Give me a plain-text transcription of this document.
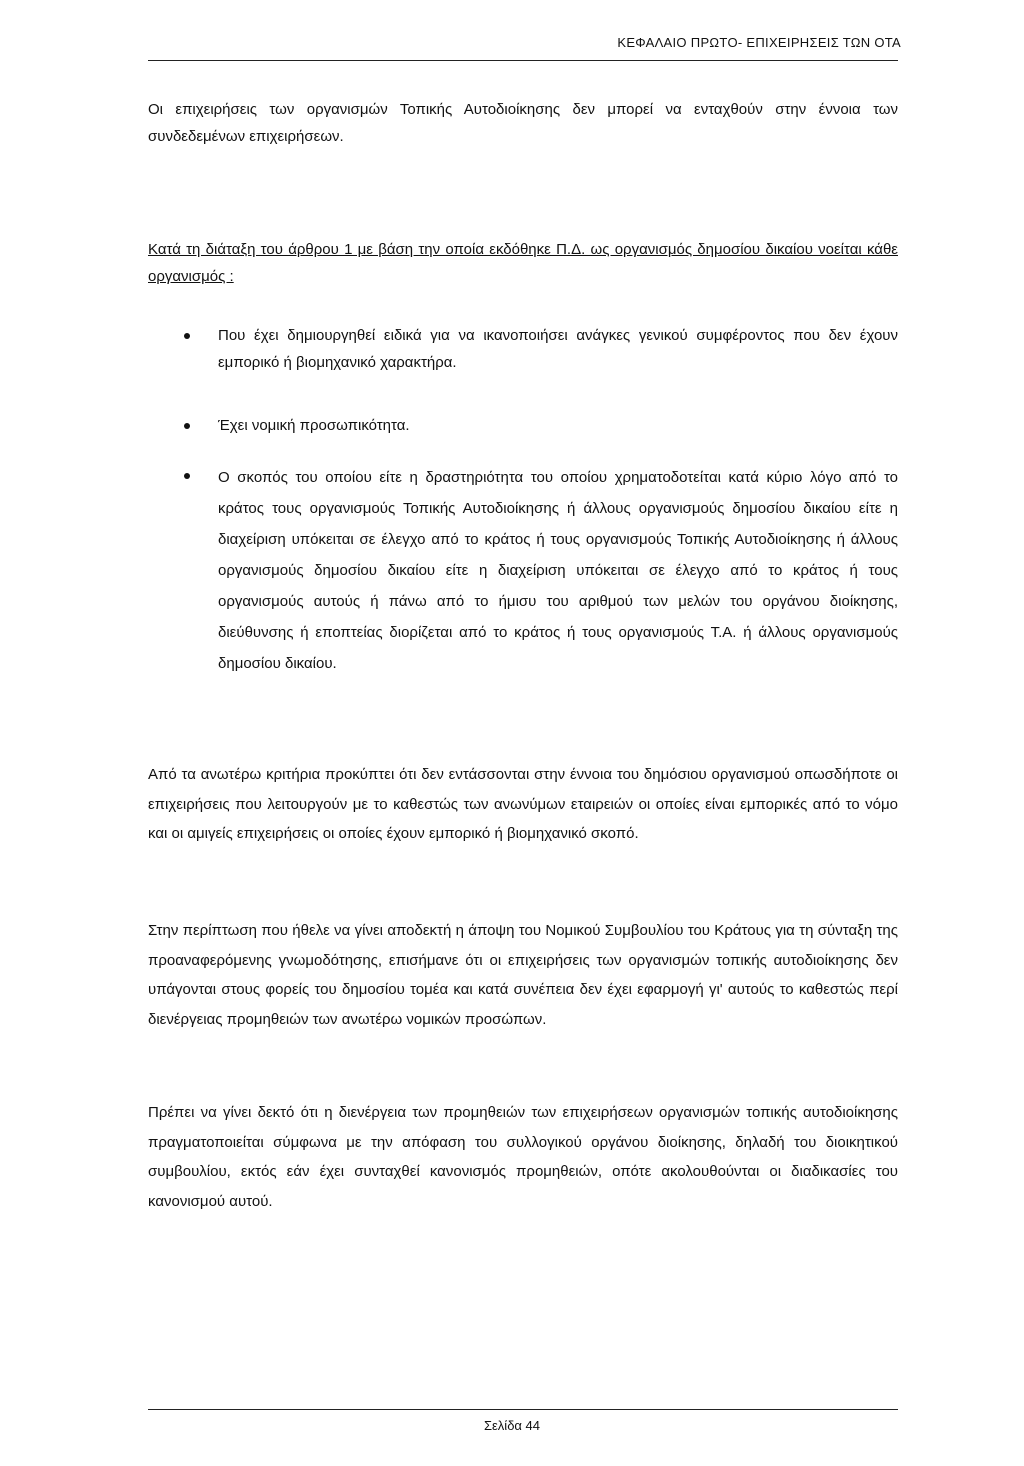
ΚΕΦΑΛΑΙΟ ΠΡΩΤΟ- ΕΠΙΧΕΙΡΗΣΕΙΣ ΤΩΝ ΟΤΑ
Οι επιχειρήσεις των οργανισμών Τοπικής Αυτοδιοίκησης δεν μπορεί να ενταχθούν στην έννοια των συνδεδεμένων επιχειρήσεων.
Κατά τη διάταξη του άρθρου 1 με βάση την οποία εκδόθηκε Π.Δ. ως οργανισμός δημοσίου δικαίου νοείται κάθε οργανισμός :
Που έχει δημιουργηθεί ειδικά για να ικανοποιήσει ανάγκες γενικού συμφέροντος που δεν έχουν εμπορικό ή βιομηχανικό χαρακτήρα.
Έχει νομική προσωπικότητα.
Ο σκοπός του οποίου είτε η δραστηριότητα του οποίου χρηματοδοτείται κατά κύριο λόγο από το κράτος τους οργανισμούς Τοπικής Αυτοδιοίκησης ή άλλους οργανισμούς δημοσίου δικαίου είτε η διαχείριση υπόκειται σε έλεγχο από το κράτος ή τους οργανισμούς Τοπικής Αυτοδιοίκησης ή άλλους οργανισμούς δημοσίου δικαίου είτε η διαχείριση υπόκειται σε έλεγχο από το κράτος ή τους οργανισμούς αυτούς ή πάνω από το ήμισυ του αριθμού των μελών του οργάνου διοίκησης, διεύθυνσης ή εποπτείας διορίζεται από το κράτος ή τους οργανισμούς Τ.Α. ή άλλους οργανισμούς δημοσίου δικαίου.
Από τα ανωτέρω κριτήρια προκύπτει ότι δεν εντάσσονται στην έννοια του δημόσιου οργανισμού οπωσδήποτε οι επιχειρήσεις που λειτουργούν με το καθεστώς των ανωνύμων εταιρειών οι οποίες είναι εμπορικές από το νόμο και οι αμιγείς επιχειρήσεις οι οποίες έχουν εμπορικό ή βιομηχανικό σκοπό.
Στην περίπτωση που ήθελε να γίνει αποδεκτή η άποψη του Νομικού Συμβουλίου του Κράτους για τη σύνταξη της προαναφερόμενης γνωμοδότησης, επισήμανε ότι οι επιχειρήσεις των οργανισμών τοπικής αυτοδιοίκησης δεν υπάγονται στους φορείς του δημοσίου τομέα και κατά συνέπεια δεν έχει εφαρμογή γι' αυτούς το καθεστώς περί διενέργειας προμηθειών των ανωτέρω νομικών προσώπων.
Πρέπει να γίνει δεκτό ότι η διενέργεια των προμηθειών των επιχειρήσεων οργανισμών τοπικής αυτοδιοίκησης πραγματοποιείται σύμφωνα με την απόφαση του συλλογικού οργάνου διοίκησης, δηλαδή του διοικητικού συμβουλίου, εκτός εάν έχει συνταχθεί κανονισμός προμηθειών, οπότε ακολουθούνται οι διαδικασίες του κανονισμού αυτού.
Σελίδα 44
